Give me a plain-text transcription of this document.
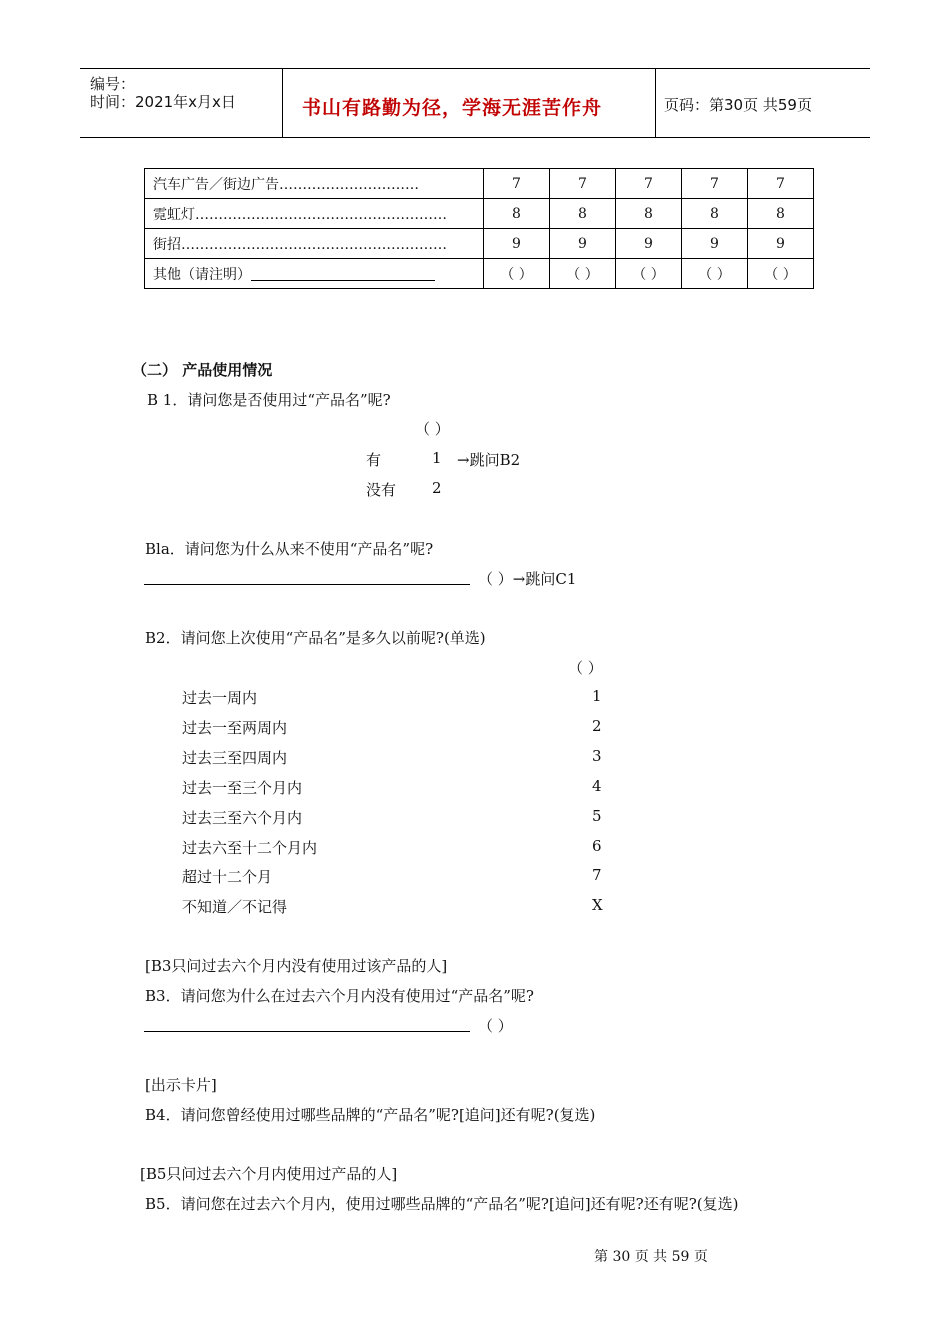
编号：
时间：2021年x月x日	书山有路勤为径，学海无涯苦作舟	页码：第30页 共59页
汽车广告／街边广告…………………………	7	7	7	7	7
霓虹灯………………………………………………	8	8	8	8	8
街招…………………………………………………	9	9	9	9	9
其他（请注明）	（ ）	（ ）	（ ）	（ ）	（ ）
（二） 产品使用情况
B 1．请问您是否使用过“产品名”呢?
（ ）
有	1 →跳问B2
没有 2
Bla．请问您为什么从来不使用“产品名”呢?
（ ）→跳问C1
B2．请问您上次使用“产品名”是多久以前呢?(单选)
（ ）
过去一周内	1
过去一至两周内	2
过去三至四周内	3
过去一至三个月内	4
过去三至六个月内	5
过去六至十二个月内	6
超过十二个月	7
不知道／不记得	X
[B3只问过去六个月内没有使用过该产品的人]
B3．请问您为什么在过去六个月内没有使用过“产品名”呢?
（ ）
[出示卡片]
B4．请问您曾经使用过哪些品牌的“产品名”呢?[追问]还有呢?(复选)
[B5只问过去六个月内使用过产品的人]
B5．请问您在过去六个月内，使用过哪些品牌的“产品名”呢?[追问]还有呢?还有呢?(复选)
第 30 页 共 59 页
